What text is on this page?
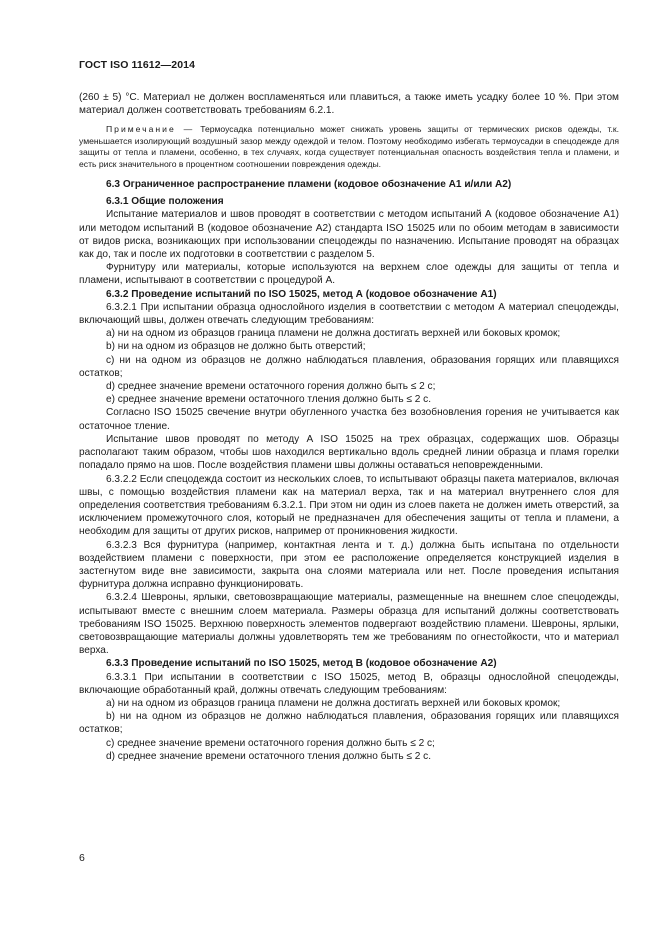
ГОСТ ISO 11612—2014

(260 ± 5) °С. Материал не должен воспламеняться или плавиться, а также иметь усадку более 10 %. При этом материал должен соответствовать требованиям 6.2.1.

Примечание — Термоусадка потенциально может снижать уровень защиты от термических рисков одежды, т.к. уменьшается изолирующий воздушный зазор между одеждой и телом. Поэтому необходимо избегать термоусадки в спецодежде для защиты от тепла и пламени, особенно, в тех случаях, когда существует потенциальная опасность воздействия тепла и пламени, и есть риск значительного в процентном соотношении повреждения одежды.

6.3 Ограниченное распространение пламени (кодовое обозначение А1 и/или А2)

6.3.1 Общие положения

Испытание материалов и швов проводят в соответствии с методом испытаний А (кодовое обозначение А1) или методом испытаний В (кодовое обозначение А2) стандарта ISO 15025 или по обоим методам в зависимости от видов риска, возникающих при использовании спецодежды по назначению. Испытание проводят на образцах как до, так и после их подготовки в соответствии с разделом 5.

Фурнитуру или материалы, которые используются на верхнем слое одежды для защиты от тепла и пламени, испытывают в соответствии с процедурой А.

6.3.2 Проведение испытаний по ISO 15025, метод А (кодовое обозначение А1)

6.3.2.1 При испытании образца однослойного изделия в соответствии с методом А материал спецодежды, включающий швы, должен отвечать следующим требованиям:

a) ни на одном из образцов граница пламени не должна достигать верхней или боковых кромок;

b) ни на одном из образцов не должно быть отверстий;

c) ни на одном из образцов не должно наблюдаться плавления, образования горящих или плавящихся остатков;

d) среднее значение времени остаточного горения должно быть ≤ 2 с;

e) среднее значение времени остаточного тления должно быть ≤ 2 с.

Согласно ISO 15025 свечение внутри обугленного участка без возобновления горения не учитывается как остаточное тление.

Испытание швов проводят по методу А ISO 15025 на трех образцах, содержащих шов. Образцы располагают таким образом, чтобы шов находился вертикально вдоль средней линии образца и пламя горелки попадало прямо на шов. После воздействия пламени швы должны оставаться неповрежденными.

6.3.2.2 Если спецодежда состоит из нескольких слоев, то испытывают образцы пакета материалов, включая швы, с помощью воздействия пламени как на материал верха, так и на материал внутреннего слоя для определения соответствия требованиям 6.3.2.1. При этом ни один из слоев пакета не должен иметь отверстий, за исключением промежуточного слоя, который не предназначен для обеспечения защиты от тепла и пламени, а необходим для защиты от других рисков, например от проникновения жидкости.

6.3.2.3 Вся фурнитура (например, контактная лента и т. д.) должна быть испытана по отдельности воздействием пламени с поверхности, при этом ее расположение определяется конструкцией изделия в застегнутом виде вне зависимости, закрыта она слоями материала или нет. После проведения испытания фурнитура должна исправно функционировать.

6.3.2.4 Шевроны, ярлыки, световозвращающие материалы, размещенные на внешнем слое спецодежды, испытывают вместе с внешним слоем материала. Размеры образца для испытаний должны соответствовать требованиям ISO 15025. Верхнюю поверхность элементов подвергают воздействию пламени. Шевроны, ярлыки, световозвращающие материалы должны удовлетворять тем же требованиям по огнестойкости, что и материал верха.

6.3.3 Проведение испытаний по ISO 15025, метод В (кодовое обозначение А2)

6.3.3.1 При испытании в соответствии с ISO 15025, метод В, образцы однослойной спецодежды, включающие обработанный край, должны отвечать следующим требованиям:

a) ни на одном из образцов граница пламени не должна достигать верхней или боковых кромок;

b) ни на одном из образцов не должно наблюдаться плавления, образования горящих или плавящихся остатков;

c) среднее значение времени остаточного горения должно быть ≤ 2 с;

d) среднее значение времени остаточного тления должно быть ≤ 2 с.

6
